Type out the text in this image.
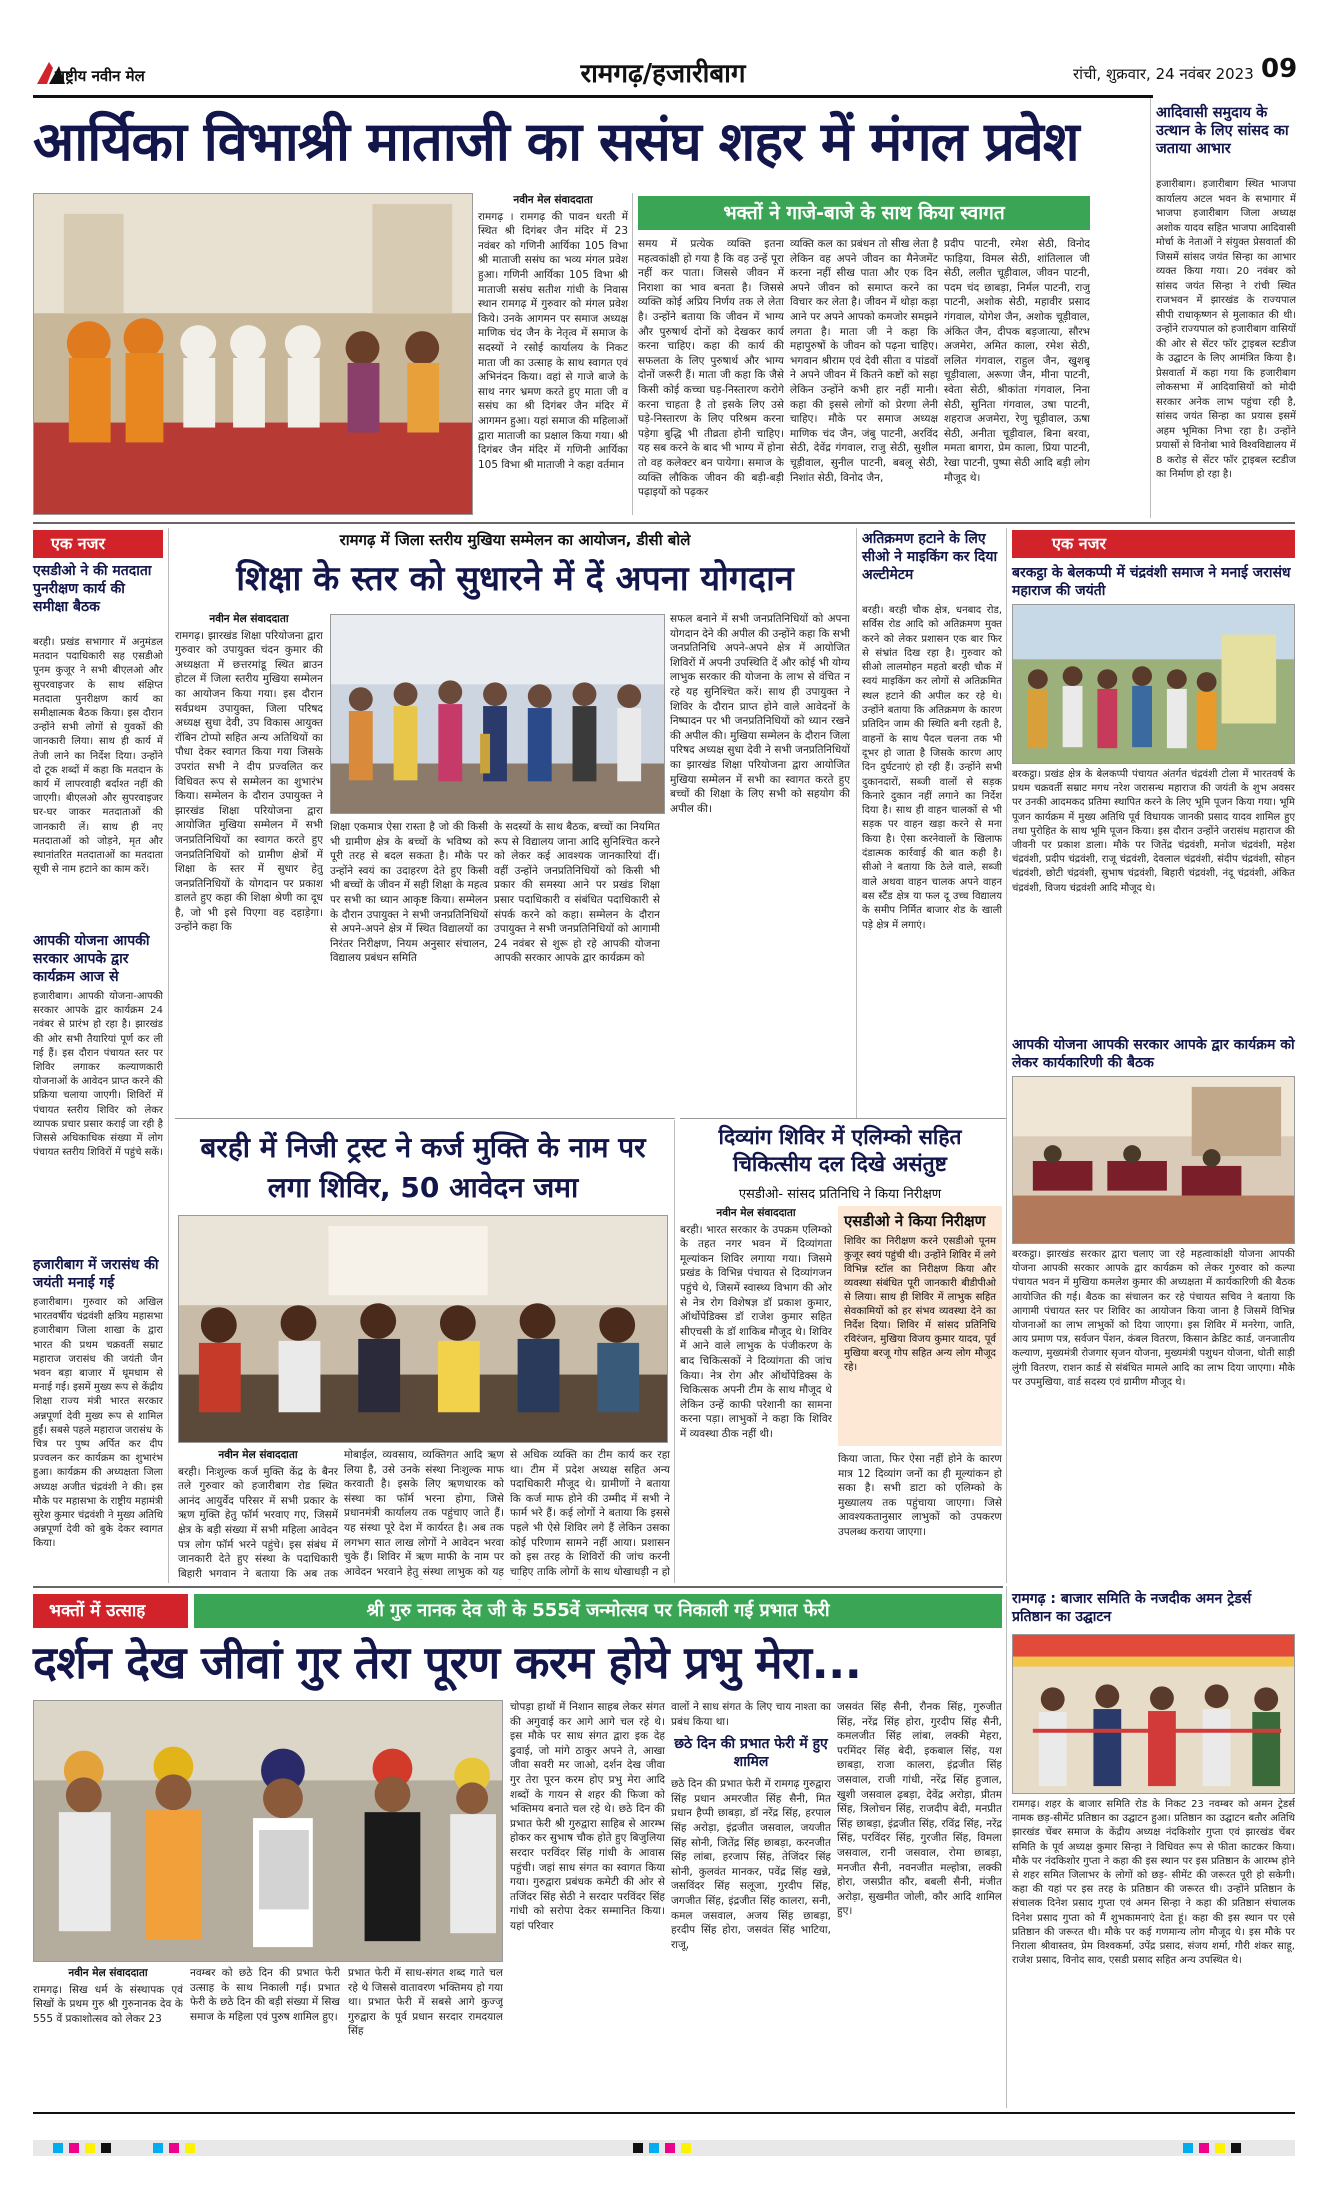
राष्ट्रीय नवीन मेल	रामगढ़/हजारीबाग	रांची, शुक्रवार, 24 नवंबर 2023 09
आर्यिका विभाश्री माताजी का ससंघ शहर में मंगल प्रवेश
नवीन मेल संवाददाता

रामगढ़ । रामगढ़ की पावन धरती में स्थित श्री दिगंबर जैन मंदिर में 23 नवंबर को गणिनी आर्यिका 105 विभा श्री माताजी ससंघ का भव्य मंगल प्रवेश हुआ। गणिनी आर्यिका 105 विभा श्री माताजी ससंघ सतीश गांधी के निवास स्थान रामगढ़ में गुरुवार को मंगल प्रवेश किये। उनके आगमन पर समाज अध्यक्ष माणिक चंद जैन के नेतृत्व में समाज के सदस्यों ने रसोई कार्यालय के निकट माता जी का उत्साह के साथ स्वागत एवं अभिनंदन किया। वहां से गाजे बाजे के साथ नगर भ्रमण करते हुए माता जी व ससंघ का श्री दिगंबर जैन मंदिर में आगमन हुआ। यहां समाज की महिलाओं द्वारा माताजी का प्रक्षाल किया गया। श्री दिगंबर जैन मंदिर में गणिनी आर्यिका 105 विभा श्री माताजी ने कहा वर्तमान

भक्तों ने गाजे-बाजे के साथ किया स्वागत

समय में प्रत्येक व्यक्ति इतना महत्वकांक्षी हो गया है कि वह उन्हें पूरा नहीं कर पाता। जिससे जीवन में निराशा का भाव बनता है। जिससे व्यक्ति कोई अप्रिय निर्णय तक ले लेता है। उन्होंने बताया कि जीवन में भाग्य और पुरुषार्थ दोनों को देखकर कार्य करना चाहिए। कहा की कार्य की सफलता के लिए पुरुषार्थ और भाग्य दोनों जरूरी हैं। माता जी कहा कि जैसे किसी कोई कच्चा घड़-निस्तारण करोगे करना चाहता है तो इसके लिए उसे घड़े-निस्तारण के लिए परिश्रम करना पड़ेगा बुद्धि भी तीव्रता होनी चाहिए। यह सब करने के बाद भी भाग्य में होना तो वह कलेक्टर बन पायेगा। समाज के व्यक्ति लौकिक जीवन की बड़ी-बड़ी पढ़ाइयों को पढ़कर

व्यक्ति कल का प्रबंधन तो सीख लेता है लेकिन वह अपने जीवन का मैनेजमेंट करना नहीं सीख पाता और एक दिन अपने जीवन को समाप्त करने का विचार कर लेता है। जीवन में थोड़ा कड़ा आने पर अपने आपको कमजोर समझने लगता है। माता जी ने कहा कि महापुरुषों के जीवन को पढ़ना चाहिए। भगवान श्रीराम एवं देवी सीता व पांडवों ने अपने जीवन में कितने कष्टों को सहा लेकिन उन्होंने कभी हार नहीं मानी। कहा की इससे लोगों को प्रेरणा लेनी चाहिए। मौके पर समाज अध्यक्ष माणिक चंद जैन, जंबु पाटनी, अरविंद सेठी, देवेंद्र गंगवाल, राजु सेठी, सुशील चूड़ीवाल, सुनील पाटनी, बबलू सेठी, निशांत सेठी, विनोद जैन,

प्रदीप पाटनी, रमेश सेठी, विनोद फाड़िया, विमल सेठी, शांतिलाल जी सेठी, ललीत चूड़ीवाल, जीवन पाटनी, पदम चंद छाबड़ा, निर्मल पाटनी, राजु पाटनी, अशोक सेठी, महावीर प्रसाद गंगवाल, योगेश जैन, अशोक चूड़ीवाल, अंकित जैन, दीपक बड़जात्या, सौरभ अजमेरा, अमित काला, रमेश सेठी, ललित गंगवाल, राहुल जैन, खुशबू चूड़ीवाला, अरूणा जैन, मीना पाटनी, स्वेता सेठी, श्रीकांता गंगवाल, निना सेठी, सुनिता गंगवाल, उषा पाटनी, शहराज अजमेरा, रेणु चूड़ीवाल, ऊषा सेठी, अनीता चूड़ीवाल, बिना बरवा, ममता बागरा, प्रेम काला, प्रिया पाटनी, रेखा पाटनी, पुष्पा सेठी आदि बड़ी लोग मौजूद थे।

आदिवासी समुदाय के उत्थान के लिए सांसद का जताया आभार

हजारीबाग। हजारीबाग स्थित भाजपा कार्यालय अटल भवन के सभागार में भाजपा हजारीबाग जिला अध्यक्ष अशोक यादव सहित भाजपा आदिवासी मोर्चा के नेताओं ने संयुक्त प्रेसवार्ता की जिसमें सांसद जयंत सिन्हा का आभार व्यक्त किया गया। 20 नवंबर को सांसद जयंत सिन्हा ने रांची स्थित राजभवन में झारखंड के राज्यपाल सीपी राधाकृष्णन से मुलाकात की थी। उन्होंने राज्यपाल को हजारीबाग वासियों की ओर से सेंटर फॉर ट्राइबल स्टडीज के उद्घाटन के लिए आमंत्रित किया है। प्रेसवार्ता में कहा गया कि हजारीबाग लोकसभा में आदिवासियों को मोदी सरकार अनेक लाभ पहुंचा रही है, सांसद जयंत सिन्हा का प्रयास इसमें अहम भूमिका निभा रहा है। उन्होंने प्रयासों से विनोबा भावे विश्वविद्यालय में 8 करोड़ से सेंटर फॉर ट्राइबल स्टडीज का निर्माण हो रहा है।

एक नजर
एसडीओ ने की मतदाता पुनरीक्षण कार्य की समीक्षा बैठक

बरही। प्रखंड सभागार में अनुमंडल मतदान पदाधिकारी सह एसडीओ पूनम कुजूर ने सभी बीएलओ और सुपरवाइजर के साथ संक्षिप्त मतदाता पुनरीक्षण कार्य का समीक्षात्मक बैठक किया। इस दौरान उन्होंने सभी लोगों से युवकों की जानकारी लिया। साथ ही कार्य में तेजी लाने का निर्देश दिया। उन्होंने दो टूक शब्दों में कहा कि मतदान के कार्य में लापरवाही बर्दाश्त नहीं की जाएगी। बीएलओ और सुपरवाइजर घर-घर जाकर मतदाताओं की जानकारी लें। साथ ही नए मतदाताओं को जोड़ने, मृत और स्थानांतरित मतदाताओं का मतदाता सूची से नाम हटाने का काम करें।

आपकी योजना आपकी सरकार आपके द्वार कार्यक्रम आज से

हजारीबाग। आपकी योजना-आपकी सरकार आपके द्वार कार्यक्रम 24 नवंबर से प्रारंभ हो रहा है। झारखंड की ओर सभी तैयारियां पूर्ण कर ली गई हैं। इस दौरान पंचायत स्तर पर शिविर लगाकर कल्याणकारी योजनाओं के आवेदन प्राप्त करने की प्रक्रिया चलाया जाएगी। शिविरों में पंचायत स्तरीय शिविर को लेकर व्यापक प्रचार प्रसार कराई जा रही है जिससे अधिकाधिक संख्या में लोग पंचायत स्तरीय शिविरों में पहुंचे सकें।

हजारीबाग में जरासंध की जयंती मनाई गई

हजारीबाग। गुरुवार को अखिल भारतवर्षीय चंद्रवंशी क्षत्रिय महासभा हजारीबाग जिला शाखा के द्वारा भारत की प्रथम चक्रवर्ती सम्राट महाराज जरासंध की जयंती जैन भवन बड़ा बाजार में धूमधाम से मनाई गई। इसमें मुख्य रूप से केंद्रीय शिक्षा राज्य मंत्री भारत सरकार अन्नपूर्णा देवी मुख्य रूप से शामिल हुईं। सबसे पहले महाराज जरासंध के चित्र पर पुष्प अर्पित कर दीप प्रज्वलन कर कार्यक्रम का शुभारंभ हुआ। कार्यक्रम की अध्यक्षता जिला अध्यक्ष अजीत चंद्रवंशी ने की। इस मौके पर महासभा के राष्ट्रीय महामंत्री सुरेश कुमार चंद्रवंशी ने मुख्य अतिथि अन्नपूर्णा देवी को बुके देकर स्वागत किया।

रामगढ़ में जिला स्तरीय मुखिया सम्मेलन का आयोजन, डीसी बोले
शिक्षा के स्तर को सुधारने में दें अपना योगदान
नवीन मेल संवाददाता

रामगढ़। झारखंड शिक्षा परियोजना द्वारा गुरुवार को उपायुक्त चंदन कुमार की अध्यक्षता में छत्तरमांडू स्थित ब्राउन होटल में जिला स्तरीय मुखिया सम्मेलन का आयोजन किया गया। इस दौरान सर्वप्रथम उपायुक्त, जिला परिषद अध्यक्ष सुधा देवी, उप विकास आयुक्त रॉबिन टोप्पो सहित अन्य अतिथियों का पौधा देकर स्वागत किया गया जिसके उपरांत सभी ने दीप प्रज्वलित कर विधिवत रूप से सम्मेलन का शुभारंभ किया। सम्मेलन के दौरान उपायुक्त ने झारखंड शिक्षा परियोजना द्वारा आयोजित मुखिया सम्मेलन में सभी जनप्रतिनिधियों का स्वागत करते हुए जनप्रतिनिधियों को ग्रामीण क्षेत्रों में शिक्षा के स्तर में सुधार हेतु जनप्रतिनिधियों के योगदान पर प्रकाश डालते हुए कहा की शिक्षा श्रेणी का दूध है, जो भी इसे पिएगा वह दहाड़ेगा। उन्होंने कहा कि

शिक्षा एकमात्र ऐसा रास्ता है जो की किसी भी ग्रामीण क्षेत्र के बच्चों के भविष्य को पूरी तरह से बदल सकता है। मौके पर उन्होंने स्वयं का उदाहरण देते हुए किसी भी बच्चों के जीवन में सही शिक्षा के महत्व पर सभी का ध्यान आकृष्ट किया। सम्मेलन के दौरान उपायुक्त ने सभी जनप्रतिनिधियों से अपने-अपने क्षेत्र में स्थित विद्यालयों का निरंतर निरीक्षण, नियम अनुसार संचालन, विद्यालय प्रबंधन समिति

के सदस्यों के साथ बैठक, बच्चों का नियमित रूप से विद्यालय जाना आदि सुनिश्चित करने को लेकर कई आवश्यक जानकारियां दीं। वहीं उन्होंने जनप्रतिनिधियों को किसी भी प्रकार की समस्या आने पर प्रखंड शिक्षा प्रसार पदाधिकारी व संबंधित पदाधिकारी से संपर्क करने को कहा। सम्मेलन के दौरान उपायुक्त ने सभी जनप्रतिनिधियों को आगामी 24 नवंबर से शुरू हो रहे आपकी योजना आपकी सरकार आपके द्वार कार्यक्रम को

सफल बनाने में सभी जनप्रतिनिधियों को अपना योगदान देने की अपील की उन्होंने कहा कि सभी जनप्रतिनिधि अपने-अपने क्षेत्र में आयोजित शिविरों में अपनी उपस्थिति दें और कोई भी योग्य लाभुक सरकार की योजना के लाभ से वंचित न रहे यह सुनिश्चित करें। साथ ही उपायुक्त ने शिविर के दौरान प्राप्त होने वाले आवेदनों के निष्पादन पर भी जनप्रतिनिधियों को ध्यान रखने की अपील की। मुखिया सम्मेलन के दौरान जिला परिषद अध्यक्ष सुधा देवी ने सभी जनप्रतिनिधियों का झारखंड शिक्षा परियोजना द्वारा आयोजित मुखिया सम्मेलन में सभी का स्वागत करते हुए बच्चों की शिक्षा के लिए सभी को सहयोग की अपील की।

अतिक्रमण हटाने के लिए सीओ ने माइकिंग कर दिया अल्टीमेटम

बरही। बरही चौक क्षेत्र, धनबाद रोड, सर्विस रोड आदि को अतिक्रमण मुक्त करने को लेकर प्रशासन एक बार फिर से संभ्रांत दिख रहा है। गुरुवार को सीओ लालमोहन महतो बरही चौक में स्वयं माइकिंग कर लोगों से अतिक्रमित स्थल हटाने की अपील कर रहे थे। उन्होंने बताया कि अतिक्रमण के कारण प्रतिदिन जाम की स्थिति बनी रहती है, वाहनों के साथ पैदल चलना तक भी दूभर हो जाता है जिसके कारण आए दिन दुर्घटनाएं हो रही हैं। उन्होंने सभी दुकानदारों, सब्जी वालों से सड़क किनारे दुकान नहीं लगाने का निर्देश दिया है। साथ ही वाहन चालकों से भी सड़क पर वाहन खड़ा करने से मना किया है। ऐसा करनेवालों के खिलाफ दंडात्मक कार्रवाई की बात कही है। सीओ ने बताया कि ठेले वाले, सब्जी वाले अथवा वाहन चालक अपने वाहन बस स्टैंड क्षेत्र या फल दू उच्च विद्यालय के समीप निर्मित बाजार शेड के खाली पड़े क्षेत्र में लगाएं।

एक नजर
बरकट्ठा के बेलकप्पी में चंद्रवंशी समाज ने मनाई जरासंध महाराज की जयंती

बरकट्ठा। प्रखंड क्षेत्र के बेलकप्पी पंचायत अंतर्गत चंद्रवंशी टोला में भारतवर्ष के प्रथम चक्रवर्ती सम्राट मगध नरेश जरासन्ध महाराज की जयंती के शुभ अवसर पर उनकी आदमकद प्रतिमा स्थापित करने के लिए भूमि पूजन किया गया। भूमि पूजन कार्यक्रम में मुख्य अतिथि पूर्व विधायक जानकी प्रसाद यादव शामिल हुए तथा पुरोहित के साथ भूमि पूजन किया। इस दौरान उन्होंने जरासंध महाराज की जीवनी पर प्रकाश डाला। मौके पर जितेंद्र चंद्रवंशी, मनोज चंद्रवंशी, महेश चंद्रवंशी, प्रदीप चंद्रवंशी, राजू चंद्रवंशी, देवलाल चंद्रवंशी, संदीप चंद्रवंशी, सोहन चंद्रवंशी, छोटी चंद्रवंशी, सुभाष चंद्रवंशी, बिहारी चंद्रवंशी, नंदू चंद्रवंशी, अंकित चंद्रवंशी, विजय चंद्रवंशी आदि मौजूद थे।

आपकी योजना आपकी सरकार आपके द्वार कार्यक्रम को लेकर कार्यकारिणी की बैठक

बरकट्ठा। झारखंड सरकार द्वारा चलाए जा रहे महत्वाकांक्षी योजना आपकी योजना आपकी सरकार आपके द्वार कार्यक्रम को लेकर गुरुवार को कल्पा पंचायत भवन में मुखिया कमलेश कुमार की अध्यक्षता में कार्यकारिणी की बैठक आयोजित की गई। बैठक का संचालन कर रहे पंचायत सचिव ने बताया कि आगामी पंचायत स्तर पर शिविर का आयोजन किया जाना है जिसमें विभिन्न योजनाओं का लाभ लाभुकों को दिया जाएगा। इस शिविर में मनरेगा, जाति, आय प्रमाण पत्र, सर्वजन पेंशन, कंबल वितरण, किसान क्रेडिट कार्ड, जनजातीय कल्याण, मुख्यमंत्री रोजगार सृजन योजना, मुख्यमंत्री पशुधन योजना, धोती साड़ी लुंगी वितरण, राशन कार्ड से संबंधित मामले आदि का लाभ दिया जाएगा। मौके पर उपमुखिया, वार्ड सदस्य एवं ग्रामीण मौजूद थे।

बरही में निजी ट्रस्ट ने कर्ज मुक्ति के नाम पर लगा शिविर, 50 आवेदन जमा
नवीन मेल संवाददाता

बरही। निःशुल्क कर्ज मुक्ति केंद्र के बैनर तले गुरुवार को हजारीबाग रोड स्थित आनंद आयुर्वेद परिसर में सभी प्रकार के ऋण मुक्ति हेतु फॉर्म भरवाए गए, जिसमें क्षेत्र के बड़ी संख्या में सभी महिला आवेदन पत्र लोग फॉर्म भरने पहुंचे। इस संबंध में जानकारी देते हुए संस्था के पदाधिकारी बिहारी भगवान ने बताया कि अब तक

मोबाईल, व्यवसाय, व्यक्तिगत आदि ऋण लिया है, उसे उनके संस्था निःशुल्क माफ करवाती है। इसके लिए ऋणधारक को संस्था का फॉर्म भरना होगा, जिसे प्रधानमंत्री कार्यालय तक पहुंचाए जाते हैं। यह संस्था पूरे देश में कार्यरत है। अब तक लगभग सात लाख लोगों ने आवेदन भरवा चुके हैं। शिविर में ऋण माफी के नाम पर आवेदन भरवाने हेतु संस्था लाभुक को यह

से अधिक व्यक्ति का टीम कार्य कर रहा था। टीम में प्रदेश अध्यक्ष सहित अन्य पदाधिकारी मौजूद थे। ग्रामीणों ने बताया कि कर्ज माफ होने की उम्मीद में सभी ने फार्म भरे हैं। कई लोगों ने बताया कि इससे पहले भी ऐसे शिविर लगे हैं लेकिन उसका कोई परिणाम सामने नहीं आया। प्रशासन को इस तरह के शिविरों की जांच करनी चाहिए ताकि लोगों के साथ धोखाधड़ी न हो

दिव्यांग शिविर में एलिम्को सहित चिकित्सीय दल दिखे असंतुष्ट
एसडीओ- सांसद प्रतिनिधि ने किया निरीक्षण
नवीन मेल संवाददाता

बरही। भारत सरकार के उपक्रम एलिम्को के तहत नगर भवन में दिव्यांगता मूल्यांकन शिविर लगाया गया। जिसमे प्रखंड के विभिन्न पंचायत से दिव्यांगजन पहुंचे थे, जिसमें स्वास्थ्य विभाग की ओर से नेत्र रोग विशेषज्ञ डॉ प्रकाश कुमार, ऑर्थोपेडिक्स डॉ राजेश कुमार सहित सीएचसी के डॉ शाकिब मौजूद थे। शिविर में आने वाले लाभुक के पंजीकरण के बाद चिकित्सकों ने दिव्यांगता की जांच किया। नेत्र रोग और ऑर्थोपेडिक्स के चिकित्सक अपनी टीम के साथ मौजूद थे लेकिन उन्हें काफी परेशानी का सामना करना पड़ा। लाभुकों ने कहा कि शिविर में व्यवस्था ठीक नहीं थी।

एसडीओ ने किया निरीक्षण

शिविर का निरीक्षण करने एसडीओ पूनम कुजूर स्वयं पहुंची थी। उन्होंने शिविर में लगे विभिन्न स्टॉल का निरीक्षण किया और व्यवस्था संबंधित पूरी जानकारी बीडीपीओ से लिया। साथ ही शिविर में लाभुक सहित सेवकामियों को हर संभव व्यवस्था देने का निर्देश दिया। शिविर में सांसद प्रतिनिधि रविरंजन, मुखिया विजय कुमार यादव, पूर्व मुखिया बरजू गोप सहित अन्य लोग मौजूद रहे।

किया जाता, फिर ऐसा नहीं होने के कारण मात्र 12 दिव्यांग जनों का ही मूल्यांकन हो सका है। सभी डाटा को एलिम्को के मुख्यालय तक पहुंचाया जाएगा। जिसे आवश्यकतानुसार लाभुकों को उपकरण उपलब्ध कराया जाएगा।

भक्तों में उत्साह	श्री गुरु नानक देव जी के 555वें जन्मोत्सव पर निकाली गई प्रभात फेरी
दर्शन देख जीवां गुर तेरा पूरण करम होये प्रभु मेरा...
नवीन मेल संवाददाता

रामगढ़। सिख धर्म के संस्थापक एवं सिखों के प्रथम गुरु श्री गुरुनानक देव के 555 वें प्रकाशोत्सव को लेकर 23

नवम्बर को छठे दिन की प्रभात फेरी उत्साह के साथ निकाली गई। प्रभात फेरी के छठे दिन की बड़ी संख्या में सिख समाज के महिला एवं पुरुष शामिल हुए।

प्रभात फेरी में साध-संगत शब्द गाते चल रहे थे जिससे वातावरण भक्तिमय हो गया था। प्रभात फेरी में सबसे आगे कुज्जू गुरुद्वारा के पूर्व प्रधान सरदार रामदयाल सिंह

चोपड़ा हाथों में निशान साहब लेकर संगत की अगुवाई कर आगे आगे चल रहे थे। इस मौके पर साध संगत द्वारा इक देह ढुवाई, जो मांगे ठाकुर अपने ते, आखा जीवा सवरी मर जाओ, दर्शन देख जीवा गुर तेरा पूरन करम होए प्रभु मेरा आदि शब्दों के गायन से शहर की फिजा को भक्तिमय बनाते चल रहे थे। छठे दिन की प्रभात फेरी श्री गुरुद्वारा साहिब से आरम्भ होकर कर सुभाष चौक होते हुए बिजुलिया सरदार परविंदर सिंह गांधी के आवास पहुंची। जहां साध संगत का स्वागत किया गया। गुरुद्वारा प्रबंधक कमेटी की ओर से तजिंदर सिंह सेठी ने सरदार परविंदर सिंह गांधी को सरोपा देकर सम्मानित किया। यहां परिवार

वालों ने साध संगत के लिए चाय नाश्ता का प्रबंध किया था।

छठे दिन की प्रभात फेरी में हुए शामिल

छठे दिन की प्रभात फेरी में रामगढ़ गुरुद्वारा सिंह प्रधान अमरजीत सिंह सैनी, मित प्रधान हैप्पी छाबड़ा, डॉ नरेंद्र सिंह, हरपाल सिंह अरोड़ा, इंद्रजीत जसवाल, जयजीत सिंह सोनी, जितेंद्र सिंह छाबड़ा, करनजीत सिंह लांबा, हरजाप सिंह, तेजिंदर सिंह सोनी, कुलवंत मानकर, पवेंद्र सिंह खन्ने, जसविंदर सिंह सलूजा, गुरदीप सिंह, जगजीत सिंह, इंद्रजीत सिंह कालरा, सनी, कमल जसवाल, अजय सिंह छाबड़ा, हरदीप सिंह होरा, जसवंत सिंह भाटिया, राजू,

जसवंत सिंह सैनी, रौनक सिंह, गुरुजीत सिंह, नरेंद्र सिंह होरा, गुरदीप सिंह सैनी, कमलजीत सिंह लांबा, लक्की मेहरा, परमिंदर सिंह बेदी, इकबाल सिंह, यश छाबड़ा, राजा कालरा, इंद्रजीत सिंह जसवाल, राजी गांधी, नरेंद्र सिंह हुजाल, खुशी जसवाल ढ़बड़ा, देवेंद्र अरोड़ा, प्रीतम सिंह, त्रिलोचन सिंह, राजदीप बेदी, मनप्रीत सिंह छाबड़ा, इंद्रजीत सिंह, रविंद्र सिंह, नरेंद्र सिंह, परविंदर सिंह, गुरजीत सिंह, विमला जसवाल, रानी जसवाल, रोमा छाबड़ा, मनजीत सैनी, नवनजीत मल्होत्रा, लक्की होरा, जसप्रीत कौर, बबली सैनी, मंजीत अरोड़ा, सुखमीत जोली, कौर आदि शामिल हुए।

रामगढ़ : बाजार समिति के नजदीक अमन ट्रेडर्स प्रतिष्ठान का उद्घाटन

रामगढ़। शहर के बाजार समिति रोड के निकट 23 नवम्बर को अमन ट्रेडर्स नामक छड़-सीमेंट प्रतिष्ठान का उद्घाटन हुआ। प्रतिष्ठान का उद्घाटन बतौर अतिथि झारखंड चेंबर समाज के केंद्रीय अध्यक्ष नंदकिशोर गुप्ता एवं झारखंड चेंबर समिति के पूर्व अध्यक्ष कुमार सिन्हा ने विधिवत रूप से फीता काटकर किया। मौके पर नंदकिशोर गुप्ता ने कहा की इस स्थान पर इस प्रतिष्ठान के आरम्भ होने से शहर समित जिलाभर के लोगों को छड़- सीमेंट की जरूरत पूरी हो सकेगी। कहा की यहां पर इस तरह के प्रतिष्ठान की जरूरत थी। उन्होंने प्रतिष्ठान के संचालक दिनेश प्रसाद गुप्ता एवं अमन सिन्हा ने कहा की प्रतिष्ठान संचालक दिनेश प्रसाद गुप्ता को मैं शुभकामनाएं देता हूं। कहा की इस स्थान पर एसे प्रतिष्ठान की जरूरत थी। मौके पर कई गणमान्य लोग मौजूद थे। इस मौके पर निराला श्रीवास्तव, प्रेम विश्वकर्मा, उपेंद्र प्रसाद, संजय शर्मा, गौरी शंकर साहू, राजेश प्रसाद, विनोद साव, एसडी प्रसाद सहित अन्य उपस्थित थे।
